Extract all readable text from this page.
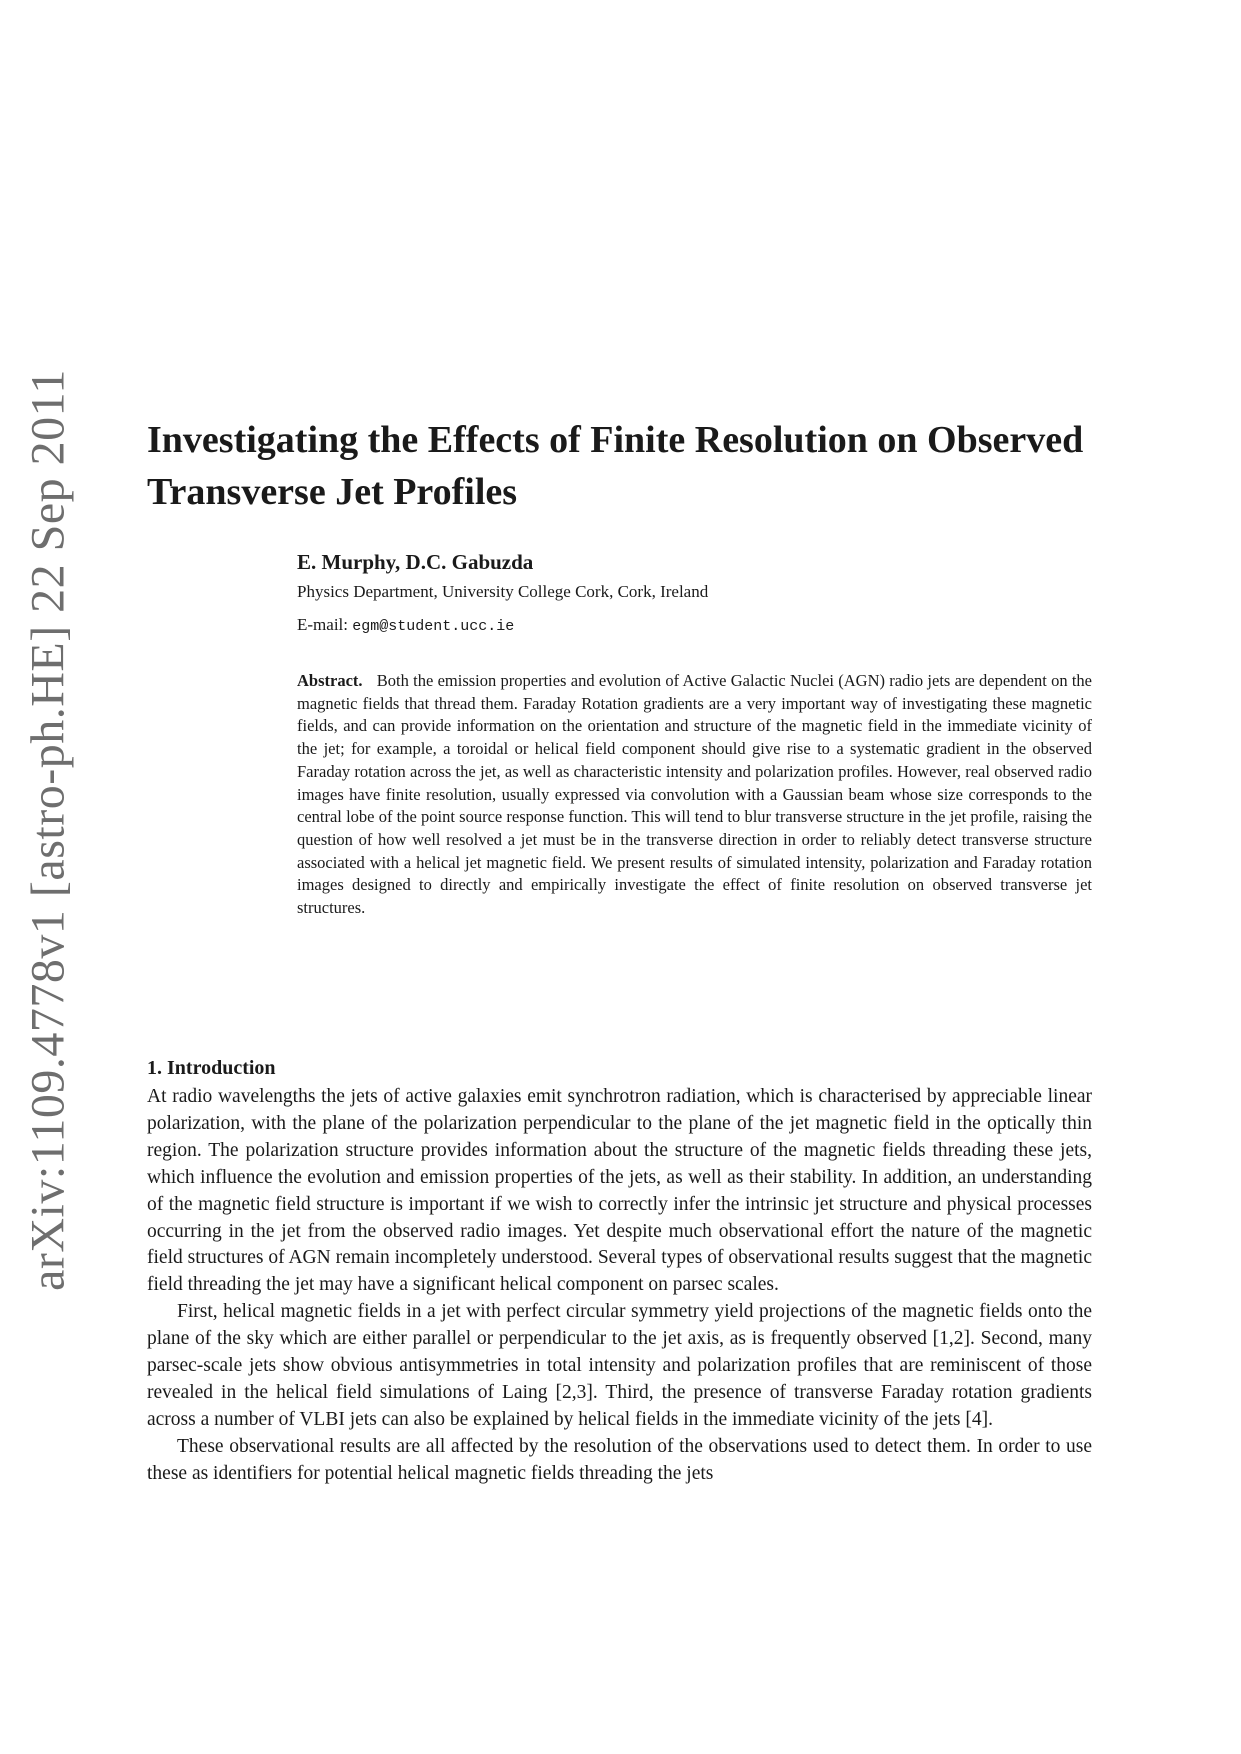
arXiv:1109.4778v1 [astro-ph.HE] 22 Sep 2011 Investigating the Effects of Finite Resolution on Observed Transverse Jet Profiles
E. Murphy, D.C. Gabuzda
Physics Department, University College Cork, Cork, Ireland
E-mail: egm@student.ucc.ie
Abstract. Both the emission properties and evolution of Active Galactic Nuclei (AGN) radio jets are dependent on the magnetic fields that thread them. Faraday Rotation gradients are a very important way of investigating these magnetic fields, and can provide information on the orientation and structure of the magnetic field in the immediate vicinity of the jet; for example, a toroidal or helical field component should give rise to a systematic gradient in the observed Faraday rotation across the jet, as well as characteristic intensity and polarization profiles. However, real observed radio images have finite resolution, usually expressed via convolution with a Gaussian beam whose size corresponds to the central lobe of the point source response function. This will tend to blur transverse structure in the jet profile, raising the question of how well resolved a jet must be in the transverse direction in order to reliably detect transverse structure associated with a helical jet magnetic field. We present results of simulated intensity, polarization and Faraday rotation images designed to directly and empirically investigate the effect of finite resolution on observed transverse jet structures.
1. Introduction

At radio wavelengths the jets of active galaxies emit synchrotron radiation, which is characterised by appreciable linear polarization, with the plane of the polarization perpendicular to the plane of the jet magnetic field in the optically thin region. The polarization structure provides information about the structure of the magnetic fields threading these jets, which influence the evolution and emission properties of the jets, as well as their stability. In addition, an understanding of the magnetic field structure is important if we wish to correctly infer the intrinsic jet structure and physical processes occurring in the jet from the observed radio images. Yet despite much observational effort the nature of the magnetic field structures of AGN remain incompletely understood. Several types of observational results suggest that the magnetic field threading the jet may have a significant helical component on parsec scales.

First, helical magnetic fields in a jet with perfect circular symmetry yield projections of the magnetic fields onto the plane of the sky which are either parallel or perpendicular to the jet axis, as is frequently observed [1,2]. Second, many parsec-scale jets show obvious antisymmetries in total intensity and polarization profiles that are reminiscent of those revealed in the helical field simulations of Laing [2,3]. Third, the presence of transverse Faraday rotation gradients across a number of VLBI jets can also be explained by helical fields in the immediate vicinity of the jets [4].

These observational results are all affected by the resolution of the observations used to detect them. In order to use these as identifiers for potential helical magnetic fields threading the jets
